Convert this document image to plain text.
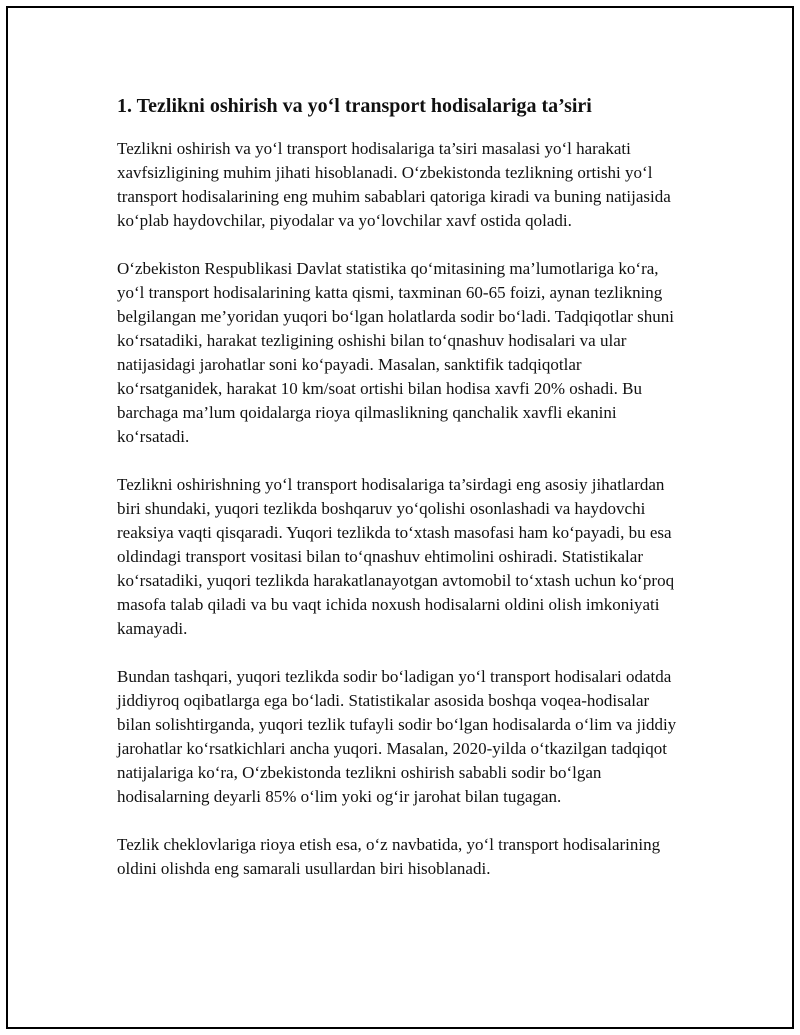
1. Tezlikni oshirish va yo‘l transport hodisalariga ta’siri

Tezlikni oshirish va yo‘l transport hodisalariga ta’siri masalasi yo‘l harakati xavfsizligining muhim jihati hisoblanadi. O‘zbekistonda tezlikning ortishi yo‘l transport hodisalarining eng muhim sabablari qatoriga kiradi va buning natijasida ko‘plab haydovchilar, piyodalar va yo‘lovchilar xavf ostida qoladi.

O‘zbekiston Respublikasi Davlat statistika qo‘mitasining ma’lumotlariga ko‘ra, yo‘l transport hodisalarining katta qismi, taxminan 60-65 foizi, aynan tezlikning belgilangan me’yoridan yuqori bo‘lgan holatlarda sodir bo‘ladi. Tadqiqotlar shuni ko‘rsatadiki, harakat tezligining oshishi bilan to‘qnashuv hodisalari va ular natijasidagi jarohatlar soni ko‘payadi. Masalan, sanktifik tadqiqotlar ko‘rsatganidek, harakat 10 km/soat ortishi bilan hodisa xavfi 20% oshadi. Bu barchaga ma’lum qoidalarga rioya qilmaslikning qanchalik xavfli ekanini ko‘rsatadi.

Tezlikni oshirishning yo‘l transport hodisalariga ta’sirdagi eng asosiy jihatlardan biri shundaki, yuqori tezlikda boshqaruv yo‘qolishi osonlashadi va haydovchi reaksiya vaqti qisqaradi. Yuqori tezlikda to‘xtash masofasi ham ko‘payadi, bu esa oldindagi transport vositasi bilan to‘qnashuv ehtimolini oshiradi. Statistikalar ko‘rsatadiki, yuqori tezlikda harakatlanayotgan avtomobil to‘xtash uchun ko‘proq masofa talab qiladi va bu vaqt ichida noxush hodisalarni oldini olish imkoniyati kamayadi.

Bundan tashqari, yuqori tezlikda sodir bo‘ladigan yo‘l transport hodisalari odatda jiddiyroq oqibatlarga ega bo‘ladi. Statistikalar asosida boshqa voqea-hodisalar bilan solishtirganda, yuqori tezlik tufayli sodir bo‘lgan hodisalarda o‘lim va jiddiy jarohatlar ko‘rsatkichlari ancha yuqori. Masalan, 2020-yilda o‘tkazilgan tadqiqot natijalariga ko‘ra, O‘zbekistonda tezlikni oshirish sababli sodir bo‘lgan hodisalarning deyarli 85% o‘lim yoki og‘ir jarohat bilan tugagan.

Tezlik cheklovlariga rioya etish esa, o‘z navbatida, yo‘l transport hodisalarining oldini olishda eng samarali usullardan biri hisoblanadi.
